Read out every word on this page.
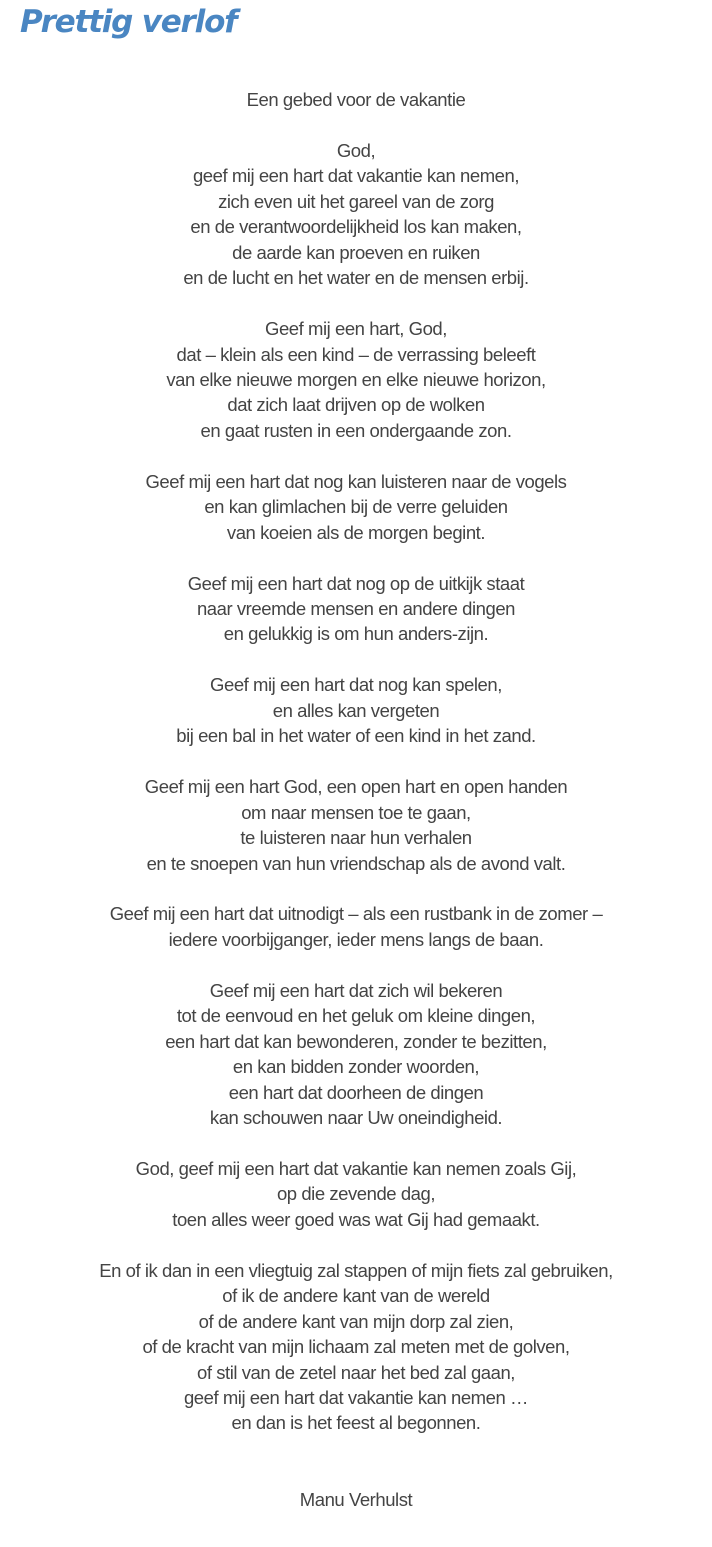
Prettig verlof
Een gebed voor de vakantie
God,
geef mij een hart dat vakantie kan nemen,
zich even uit het gareel van de zorg
en de verantwoordelijkheid los kan maken,
de aarde kan proeven en ruiken
en de lucht en het water en de mensen erbij.
Geef mij een hart, God,
dat – klein als een kind – de verrassing beleeft
van elke nieuwe morgen en elke nieuwe horizon,
dat zich laat drijven op de wolken
en gaat rusten in een ondergaande zon.
Geef mij een hart dat nog kan luisteren naar de vogels
en kan glimlachen bij de verre geluiden
van koeien als de morgen begint.
Geef mij een hart dat nog op de uitkijk staat
naar vreemde mensen en andere dingen
en gelukkig is om hun anders-zijn.
Geef mij een hart dat nog kan spelen,
en alles kan vergeten
bij een bal in het water of een kind in het zand.
Geef mij een hart God, een open hart en open handen
om naar mensen toe te gaan,
te luisteren naar hun verhalen
en te snoepen van hun vriendschap als de avond valt.
Geef mij een hart dat uitnodigt – als een rustbank in de zomer –
iedere voorbijganger, ieder mens langs de baan.
Geef mij een hart dat zich wil bekeren
tot de eenvoud en het geluk om kleine dingen,
een hart dat kan bewonderen, zonder te bezitten,
en kan bidden zonder woorden,
een hart dat doorheen de dingen
kan schouwen naar Uw oneindigheid.
God, geef mij een hart dat vakantie kan nemen zoals Gij,
op die zevende dag,
toen alles weer goed was wat Gij had gemaakt.
En of ik dan in een vliegtuig zal stappen of mijn fiets zal gebruiken,
of ik de andere kant van de wereld
of de andere kant van mijn dorp zal zien,
of de kracht van mijn lichaam zal meten met de golven,
of stil van de zetel naar het bed zal gaan,
geef mij een hart dat vakantie kan nemen …
en dan is het feest al begonnen.
Manu Verhulst
